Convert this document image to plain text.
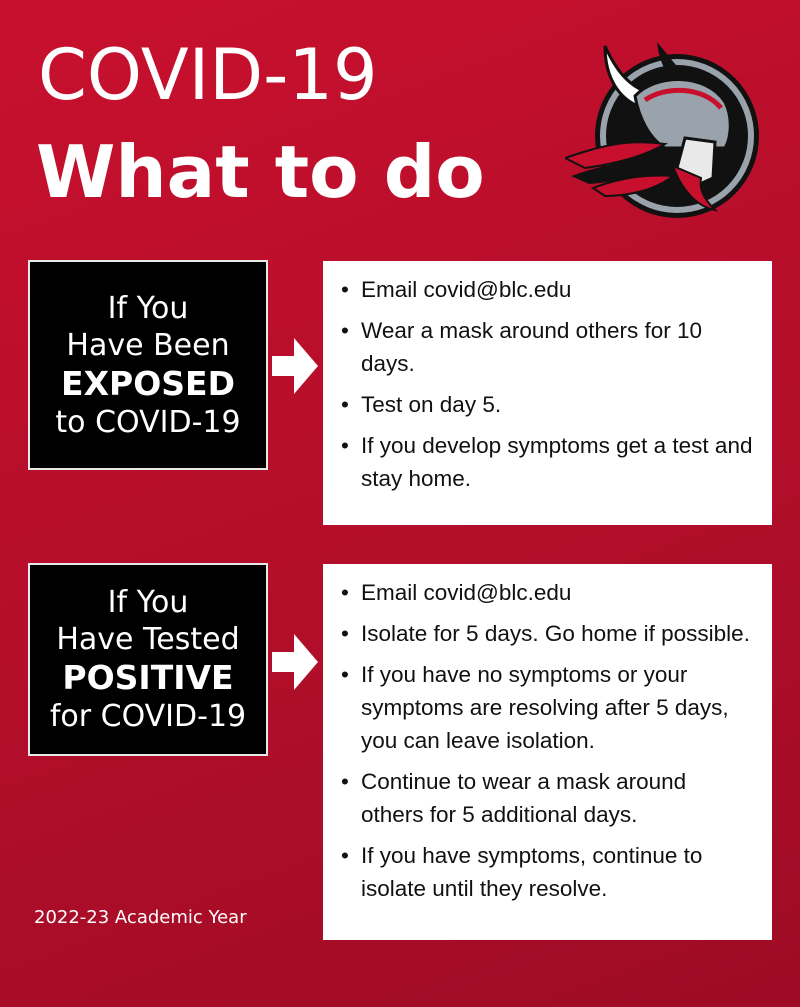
COVID-19
What to do
If You
Have Been
EXPOSED
to COVID-19
• Email covid@blc.edu
• Wear a mask around others for 10 days.
• Test on day 5.
• If you develop symptoms get a test and stay home.
If You
Have Tested
POSITIVE
for COVID-19
• Email covid@blc.edu
• Isolate for 5 days. Go home if possible.
• If you have no symptoms or your symptoms are resolving after 5 days, you can leave isolation.
• Continue to wear a mask around others for 5 additional days.
• If you have symptoms, continue to isolate until they resolve.
2022-23 Academic Year
